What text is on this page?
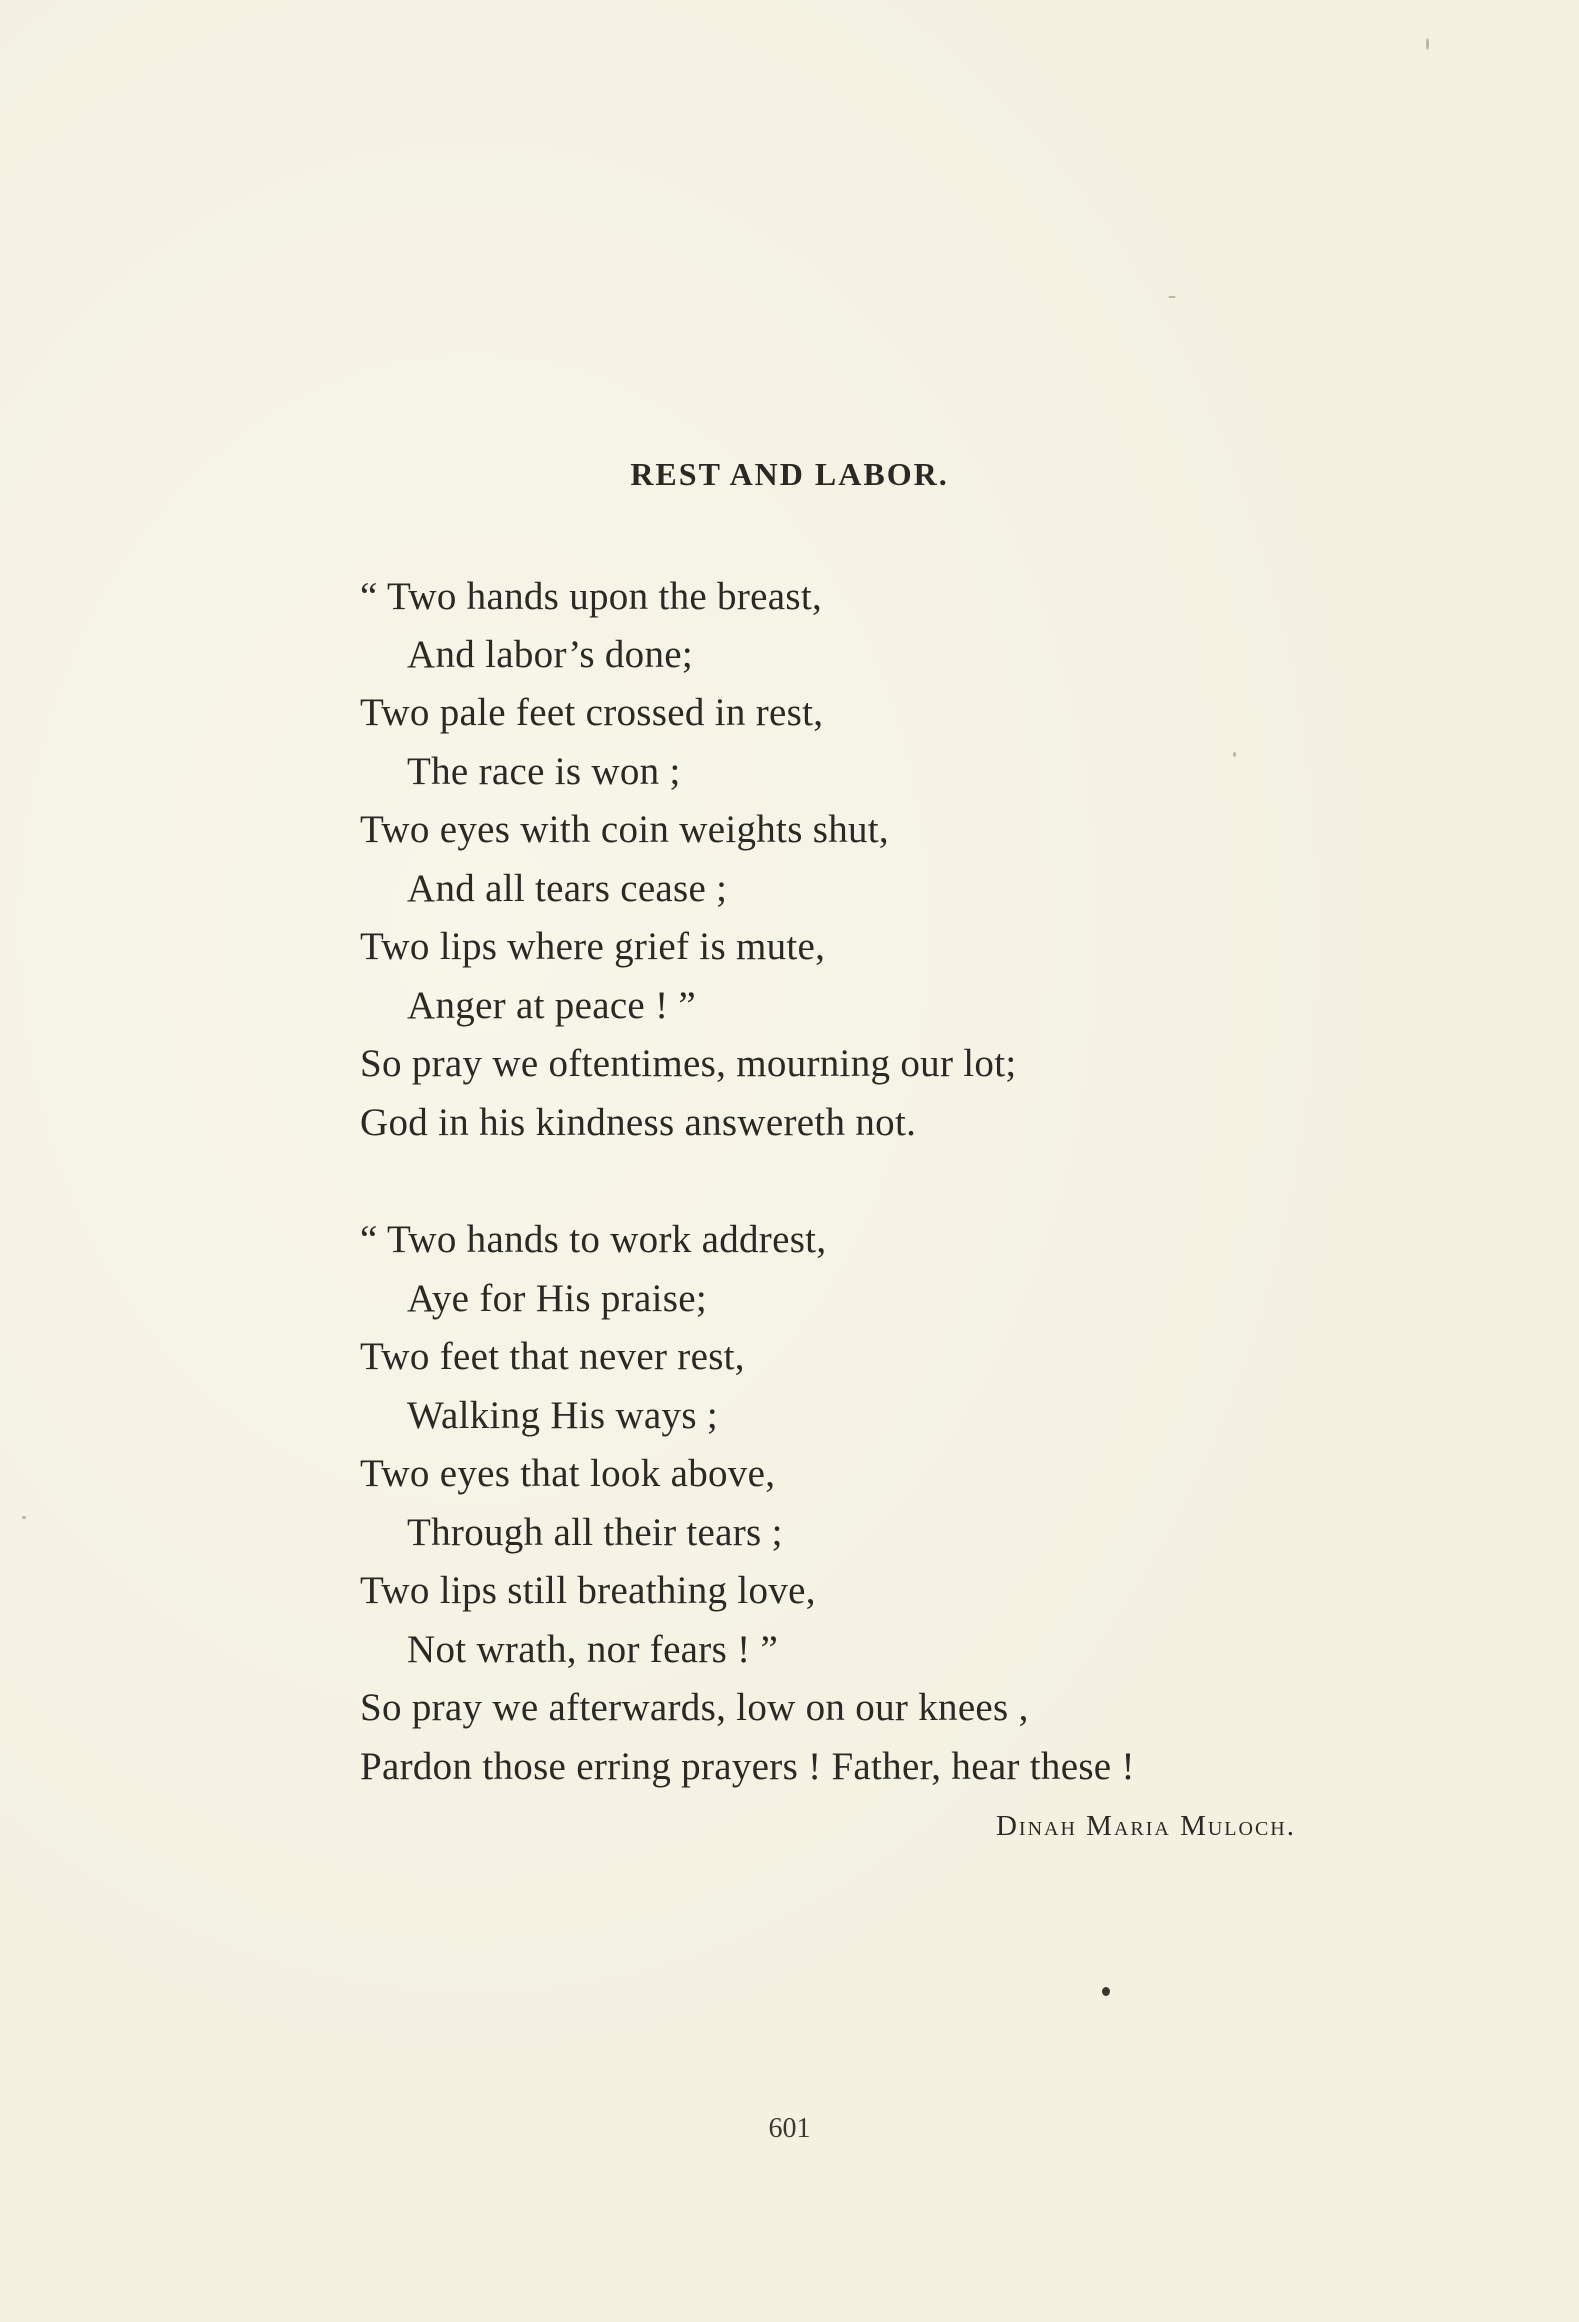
REST AND LABOR.
“ Two hands upon the breast,
And labor’s done;
Two pale feet crossed in rest,
The race is won ;
Two eyes with coin weights shut,
And all tears cease ;
Two lips where grief is mute,
Anger at peace ! ”
So pray we oftentimes, mourning our lot;
God in his kindness answereth not.
“ Two hands to work addrest,
Aye for His praise;
Two feet that never rest,
Walking His ways ;
Two eyes that look above,
Through all their tears ;
Two lips still breathing love,
Not wrath, nor fears ! ”
So pray we afterwards, low on our knees ,
Pardon those erring prayers ! Father, hear these !
Dinah Maria Muloch.
601
